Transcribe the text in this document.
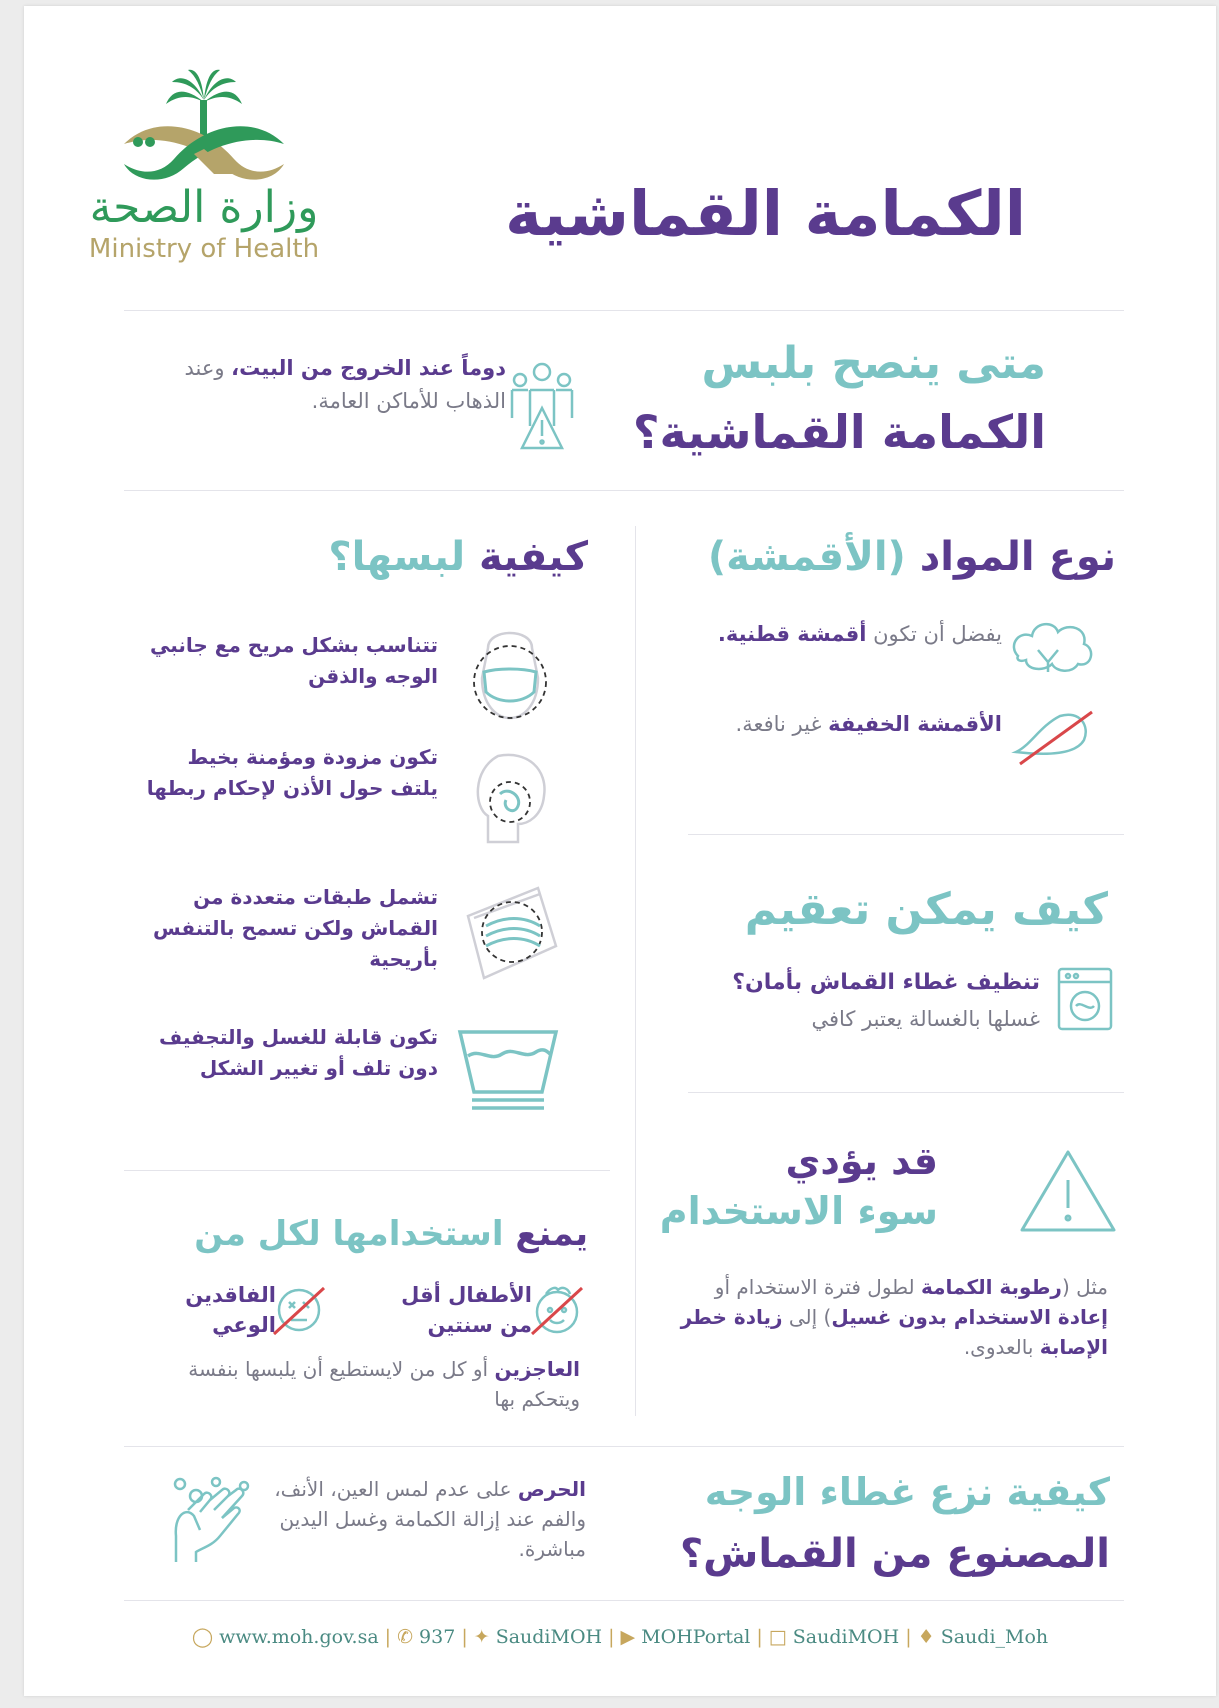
وزارة الصحة
Ministry of Health	الكمامة القماشية
متى ينصح بلبس
الكمامة القماشية؟
دوماً عند الخروج من البيت، وعند الذهاب للأماكن العامة.
نوع المواد (الأقمشة)
يفضل أن تكون أقمشة قطنية.
الأقمشة الخفيفة غير نافعة.
كيف يمكن تعقيم
تنظيف غطاء القماش بأمان؟
غسلها بالغسالة يعتبر كافي
قد يؤدي
سوء الاستخدام
مثل (رطوبة الكمامة لطول فترة الاستخدام أو إعادة الاستخدام بدون غسيل) إلى زيادة خطر الإصابة بالعدوى.
كيفية لبسها؟
تتناسب بشكل مريح مع جانبي الوجه والذقن
تكون مزودة ومؤمنة بخيط يلتف حول الأذن لإحكام ربطها
تشمل طبقات متعددة من القماش ولكن تسمح بالتنفس بأريحية
تكون قابلة للغسل والتجفيف دون تلف أو تغيير الشكل
يمنع استخدامها لكل من
الأطفال أقل
من سنتين
الفاقدين
الوعي
العاجزين أو كل من لايستطيع أن يلبسها بنفسة ويتحكم بها
كيفية نزع غطاء الوجه
المصنوع من القماش؟
الحرص على عدم لمس العين، الأنف، والفم عند إزالة الكمامة وغسل اليدين مباشرة.
◯ www.moh.gov.sa | ✆ 937 | ✦ SaudiMOH | ▶ MOHPortal | □ SaudiMOH | ♦ Saudi_Moh
